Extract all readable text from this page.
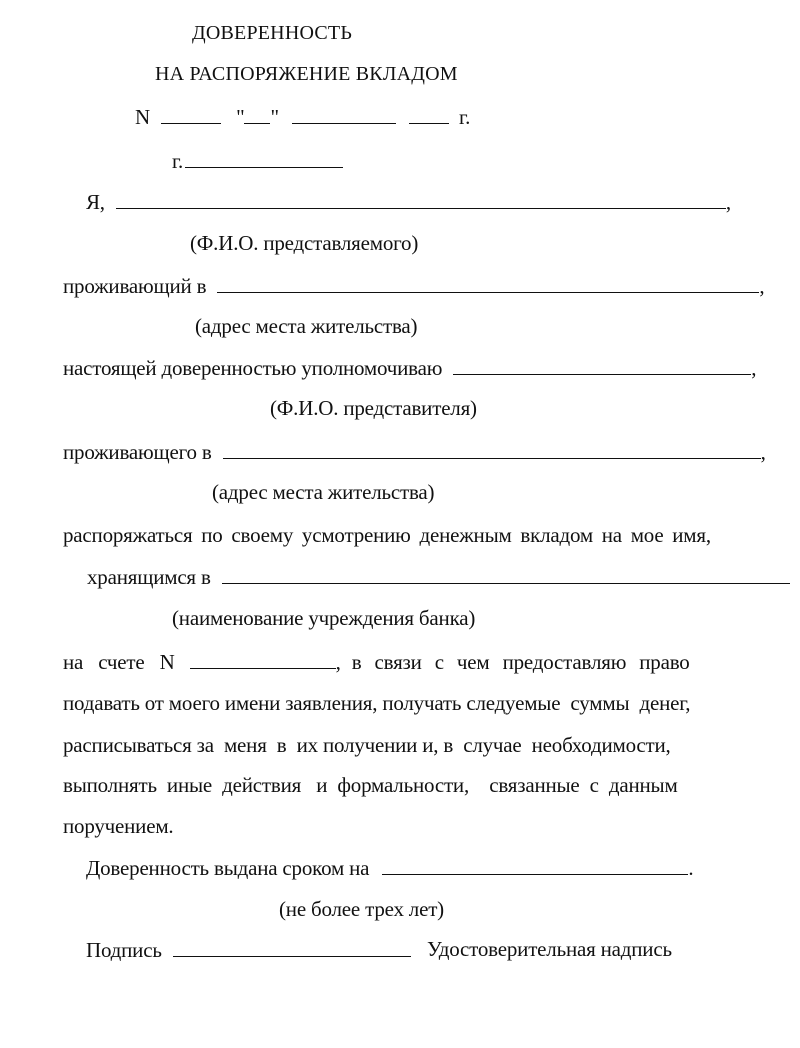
ДОВЕРЕННОСТЬ
НА РАСПОРЯЖЕНИЕ ВКЛАДОМ
N	" "	г.
г.
Я,	,
(Ф.И.О. представляемого)
проживающий в	,
(адрес места жительства)
настоящей доверенностью уполномочиваю	,
(Ф.И.О. представителя)
проживающего в	,
(адрес места жительства)
распоряжаться по своему усмотрению денежным вкладом на мое имя,
хранящимся в
(наименование учреждения банка)
на счете N	, в связи с чем предоставляю право
подавать от моего имени заявления, получать следуемые  суммы  денег,
расписываться за  меня  в  их получении и, в  случае  необходимости,
выполнять  иные  действия   и  формальности,    связанные  с  данным
поручением.
Доверенность выдана сроком на	.
(не более трех лет)
Подпись	Удостоверительная надпись
